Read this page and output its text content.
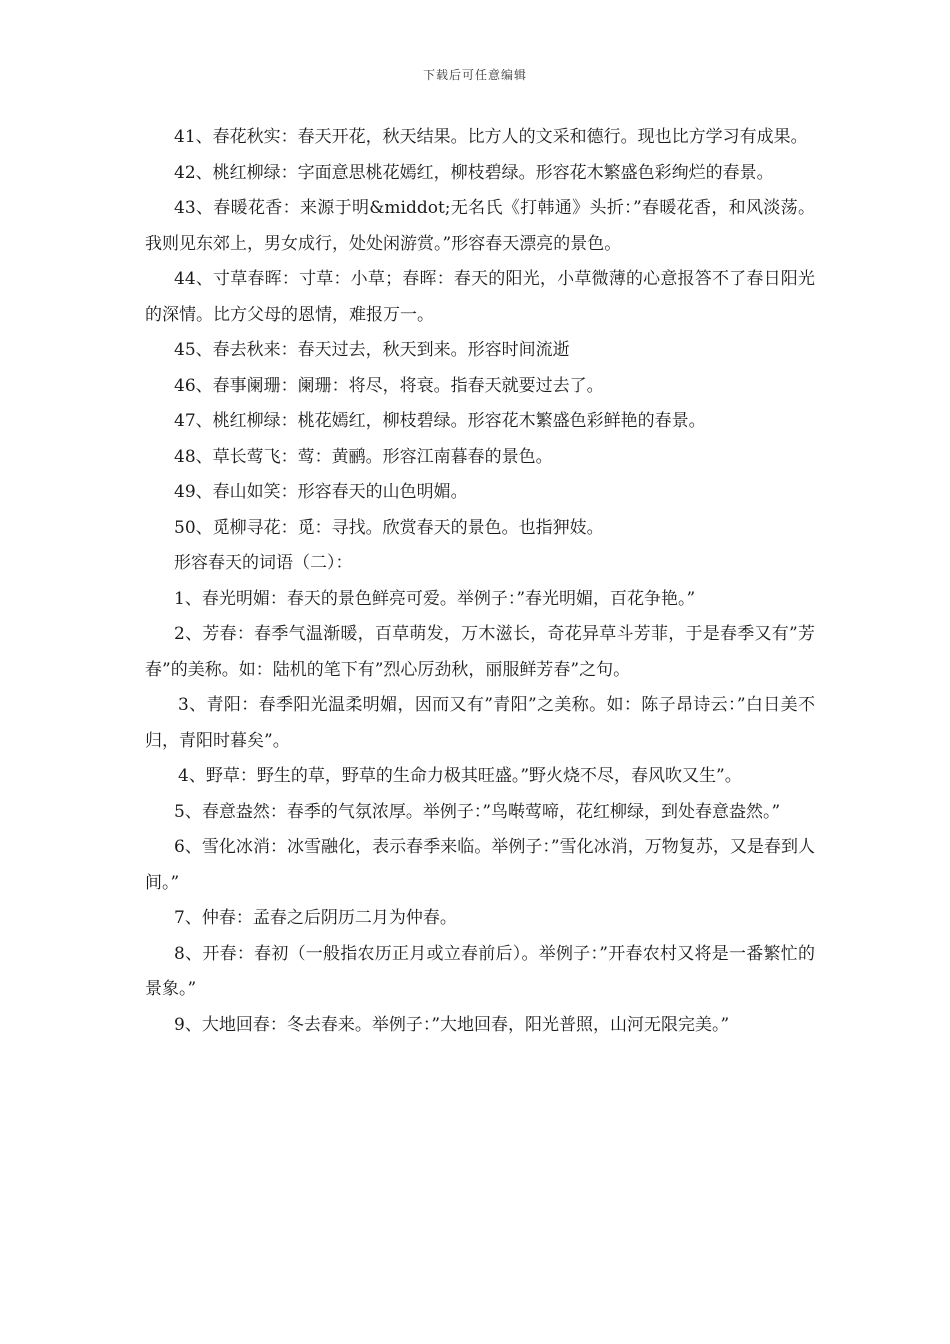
下载后可任意编辑

41、春花秋实：春天开花，秋天结果。比方人的文采和德行。现也比方学习有成果。

42、桃红柳绿：字面意思桃花嫣红，柳枝碧绿。形容花木繁盛色彩绚烂的春景。

43、春暖花香：来源于明&middot;无名氏《打韩通》头折：”春暖花香，和风淡荡。我则见东郊上，男女成行，处处闲游赏。”形容春天漂亮的景色。

44、寸草春晖：寸草：小草；春晖：春天的阳光，小草微薄的心意报答不了春日阳光的深情。比方父母的恩情，难报万一。

45、春去秋来：春天过去，秋天到来。形容时间流逝

46、春事阑珊：阑珊：将尽，将衰。指春天就要过去了。

47、桃红柳绿：桃花嫣红，柳枝碧绿。形容花木繁盛色彩鲜艳的春景。

48、草长莺飞：莺：黄鹂。形容江南暮春的景色。

49、春山如笑：形容春天的山色明媚。

50、觅柳寻花：觅：寻找。欣赏春天的景色。也指狎妓。

形容春天的词语（二）：

1、春光明媚：春天的景色鲜亮可爱。举例子：”春光明媚，百花争艳。”

2、芳春：春季气温渐暖，百草萌发，万木滋长，奇花异草斗芳菲，于是春季又有”芳春”的美称。如：陆机的笔下有”烈心厉劲秋，丽服鲜芳春”之句。

3、青阳：春季阳光温柔明媚，因而又有”青阳”之美称。如：陈子昂诗云：”白日美不归，青阳时暮矣”。

4、野草：野生的草，野草的生命力极其旺盛。”野火烧不尽，春风吹又生”。

5、春意盎然：春季的气氛浓厚。举例子：”鸟啭莺啼，花红柳绿，到处春意盎然。”

6、雪化冰消：冰雪融化，表示春季来临。举例子：”雪化冰消，万物复苏，又是春到人间。”

7、仲春：孟春之后阴历二月为仲春。

8、开春：春初（一般指农历正月或立春前后）。举例子：”开春农村又将是一番繁忙的景象。”

9、大地回春：冬去春来。举例子：”大地回春，阳光普照，山河无限完美。”
